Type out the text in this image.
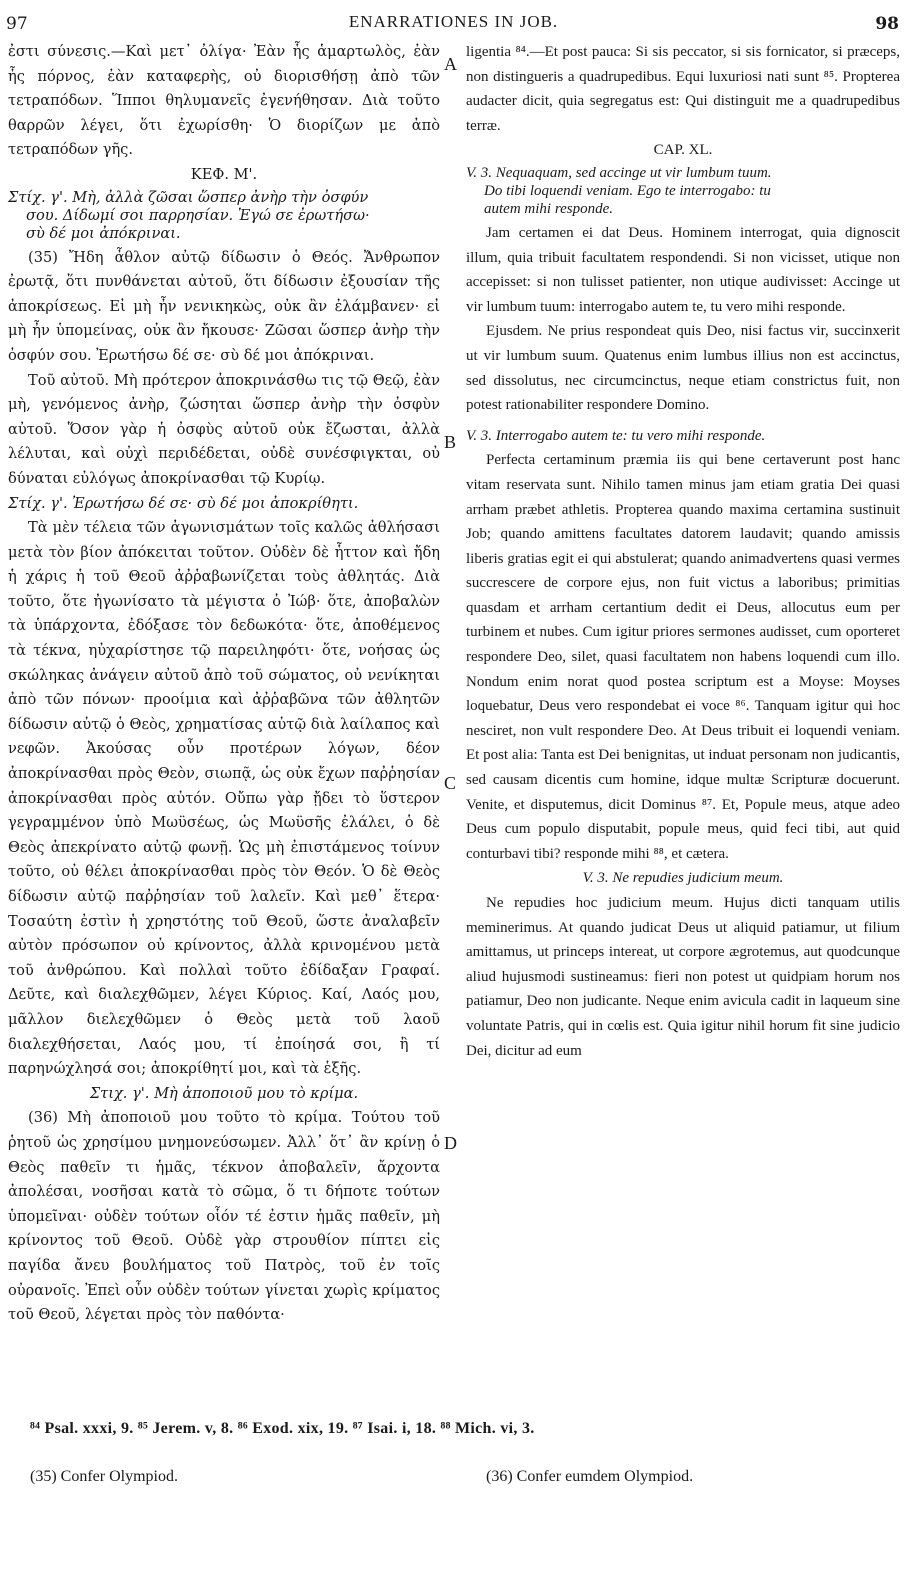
97	ENARRATIONES IN JOB.	98
A
B
C
D

ἐστι σύνεσις.—Καὶ μετ᾽ ὀλίγα· Ἐὰν ἧς ἁμαρτωλὸς, ἐὰν ἧς πόρνος, ἐὰν καταφερὴς, οὐ διορισθήσῃ ἀπὸ τῶν τετραπόδων. Ἵπποι θηλυμανεῖς ἐγενήθησαν. Διὰ τοῦτο θαρρῶν λέγει, ὅτι ἐχωρίσθη· Ὁ διορίζων με ἀπὸ τετραπόδων γῆς.

ΚΕΦ. Μ'.
Στίχ. γ'. Μὴ, ἀλλὰ ζῶσαι ὥσπερ ἀνὴρ τὴν ὀσφύν
σου. Δίδωμί σοι παρρησίαν. Ἐγώ σε ἐρωτήσω·
σὺ δέ μοι ἀπόκριναι.

(35) Ἤδη ἆθλον αὐτῷ δίδωσιν ὁ Θεός. Ἄνθρωπον ἐρωτᾷ, ὅτι πυνθάνεται αὐτοῦ, ὅτι δίδωσιν ἐξουσίαν τῆς ἀποκρίσεως. Εἰ μὴ ἦν νενικηκὼς, οὐκ ἂν ἐλάμβανεν· εἰ μὴ ἦν ὑπομείνας, οὐκ ἂν ἤκουσε· Ζῶσαι ὥσπερ ἀνὴρ τὴν ὀσφύν σου. Ἐρωτήσω δέ σε· σὺ δέ μοι ἀπόκριναι.

Τοῦ αὐτοῦ. Μὴ πρότερον ἀποκρινάσθω τις τῷ Θεῷ, ἐὰν μὴ, γενόμενος ἀνὴρ, ζώσηται ὥσπερ ἀνὴρ τὴν ὀσφὺν αὐτοῦ. Ὅσον γὰρ ἡ ὀσφὺς αὐτοῦ οὐκ ἔζωσται, ἀλλὰ λέλυται, καὶ οὐχὶ περιδέδεται, οὐδὲ συνέσφιγκται, οὐ δύναται εὐλόγως ἀποκρίνασθαι τῷ Κυρίῳ.

Στίχ. γ'. Ἐρωτήσω δέ σε· σὺ δέ μοι ἀποκρίθητι.

Τὰ μὲν τέλεια τῶν ἀγωνισμάτων τοῖς καλῶς ἀθλήσασι μετὰ τὸν βίον ἀπόκειται τοῦτον. Οὐδὲν δὲ ἧττον καὶ ἤδη ἡ χάρις ἡ τοῦ Θεοῦ ἀῤῥαβωνίζεται τοὺς ἀθλητάς. Διὰ τοῦτο, ὅτε ἠγωνίσατο τὰ μέγιστα ὁ Ἰώβ· ὅτε, ἀποβαλὼν τὰ ὑπάρχοντα, ἐδόξασε τὸν δεδωκότα· ὅτε, ἀποθέμενος τὰ τέκνα, ηὐχαρίστησε τῷ παρειληφότι· ὅτε, νοήσας ὡς σκώληκας ἀνάγειν αὐτοῦ ἀπὸ τοῦ σώματος, οὐ νενίκηται ἀπὸ τῶν πόνων· προοίμια καὶ ἀῤῥαβῶνα τῶν ἀθλητῶν δίδωσιν αὐτῷ ὁ Θεὸς, χρηματίσας αὐτῷ διὰ λαίλαπος καὶ νεφῶν. Ἀκούσας οὖν προτέρων λόγων, δέον ἀποκρίνασθαι πρὸς Θεὸν, σιωπᾷ, ὡς οὐκ ἔχων παῤῥησίαν ἀποκρίνασθαι πρὸς αὐτόν. Οὔπω γὰρ ᾔδει τὸ ὕστερον γεγραμμένον ὑπὸ Μωϋσέως, ὡς Μωϋσῆς ἐλάλει, ὁ δὲ Θεὸς ἀπεκρίνατο αὐτῷ φωνῇ. Ὡς μὴ ἐπιστάμενος τοίνυν τοῦτο, οὐ θέλει ἀποκρίνασθαι πρὸς τὸν Θεόν. Ὁ δὲ Θεὸς δίδωσιν αὐτῷ παῤῥησίαν τοῦ λαλεῖν. Καὶ μεθ᾽ ἕτερα· Τοσαύτη ἐστὶν ἡ χρηστότης τοῦ Θεοῦ, ὥστε ἀναλαβεῖν αὐτὸν πρόσωπον οὐ κρίνοντος, ἀλλὰ κρινομένου μετὰ τοῦ ἀνθρώπου. Καὶ πολλαὶ τοῦτο ἐδίδαξαν Γραφαί. Δεῦτε, καὶ διαλεχθῶμεν, λέγει Κύριος. Καί, Λαός μου, μᾶλλον διελεχθῶμεν ὁ Θεὸς μετὰ τοῦ λαοῦ διαλεχθήσεται, Λαός μου, τί ἐποίησά σοι, ἢ τί παρηνώχλησά σοι; ἀποκρίθητί μοι, καὶ τὰ ἑξῆς.

Στιχ. γ'. Μὴ ἀποποιοῦ μου τὸ κρίμα.

(36) Μὴ ἀποποιοῦ μου τοῦτο τὸ κρίμα. Τούτου τοῦ ῥητοῦ ὡς χρησίμου μνημονεύσωμεν. Ἀλλ᾽ ὅτ᾽ ἂν κρίνῃ ὁ Θεὸς παθεῖν τι ἡμᾶς, τέκνον ἀποβαλεῖν, ἄρχοντα ἀπολέσαι, νοσῆσαι κατὰ τὸ σῶμα, ὅ τι δήποτε τούτων ὑπομεῖναι· οὐδὲν τούτων οἷόν τέ ἐστιν ἡμᾶς παθεῖν, μὴ κρίνοντος τοῦ Θεοῦ. Οὐδὲ γὰρ στρουθίον πίπτει εἰς παγίδα ἄνευ βουλήματος τοῦ Πατρὸς, τοῦ ἐν τοῖς οὐρανοῖς. Ἐπεὶ οὖν οὐδὲν τούτων γίνεται χωρὶς κρίματος τοῦ Θεοῦ, λέγεται πρὸς τὸν παθόντα·

ligentia ⁸⁴.—Et post pauca: Si sis peccator, si sis fornicator, si præceps, non distingueris a quadrupedibus. Equi luxuriosi nati sunt ⁸⁵. Propterea audacter dicit, quia segregatus est: Qui distinguit me a quadrupedibus terræ.

CAP. XL.
V. 3. Nequaquam, sed accinge ut vir lumbum tuum.
Do tibi loquendi veniam. Ego te interrogabo: tu
autem mihi responde.

Jam certamen ei dat Deus. Hominem interrogat, quia dignoscit illum, quia tribuit facultatem respondendi. Si non vicisset, utique non accepisset: si non tulisset patienter, non utique audivisset: Accinge ut vir lumbum tuum: interrogabo autem te, tu vero mihi responde.

Ejusdem. Ne prius respondeat quis Deo, nisi factus vir, succinxerit ut vir lumbum suum. Quatenus enim lumbus illius non est accinctus, sed dissolutus, nec circumcinctus, neque etiam constrictus fuit, non potest rationabiliter respondere Domino.

V. 3. Interrogabo autem te: tu vero mihi responde.

Perfecta certaminum præmia iis qui bene certaverunt post hanc vitam reservata sunt. Nihilo tamen minus jam etiam gratia Dei quasi arrham præbet athletis. Propterea quando maxima certamina sustinuit Job; quando amittens facultates datorem laudavit; quando amissis liberis gratias egit ei qui abstulerat; quando animadvertens quasi vermes succrescere de corpore ejus, non fuit victus a laboribus; primitias quasdam et arrham certantium dedit ei Deus, allocutus eum per turbinem et nubes. Cum igitur priores sermones audisset, cum oporteret respondere Deo, silet, quasi facultatem non habens loquendi cum illo. Nondum enim norat quod postea scriptum est a Moyse: Moyses loquebatur, Deus vero respondebat ei voce ⁸⁶. Tanquam igitur qui hoc nesciret, non vult respondere Deo. At Deus tribuit ei loquendi veniam. Et post alia: Tanta est Dei benignitas, ut induat personam non judicantis, sed causam dicentis cum homine, idque multæ Scripturæ docuerunt. Venite, et disputemus, dicit Dominus ⁸⁷. Et, Popule meus, atque adeo Deus cum populo disputabit, popule meus, quid feci tibi, aut quid conturbavi tibi? responde mihi ⁸⁸, et cætera.

V. 3. Ne repudies judicium meum.

Ne repudies hoc judicium meum. Hujus dicti tanquam utilis meminerimus. At quando judicat Deus ut aliquid patiamur, ut filium amittamus, ut princeps intereat, ut corpore ægrotemus, aut quodcunque aliud hujusmodi sustineamus: fieri non potest ut quidpiam horum nos patiamur, Deo non judicante. Neque enim avicula cadit in laqueum sine voluntate Patris, qui in cœlis est. Quia igitur nihil horum fit sine judicio Dei, dicitur ad eum

⁸⁴ Psal. xxxi, 9. ⁸⁵ Jerem. v, 8. ⁸⁶ Exod. xix, 19. ⁸⁷ Isai. i, 18. ⁸⁸ Mich. vi, 3.
(35) Confer Olympiod.	(36) Confer eumdem Olympiod.
